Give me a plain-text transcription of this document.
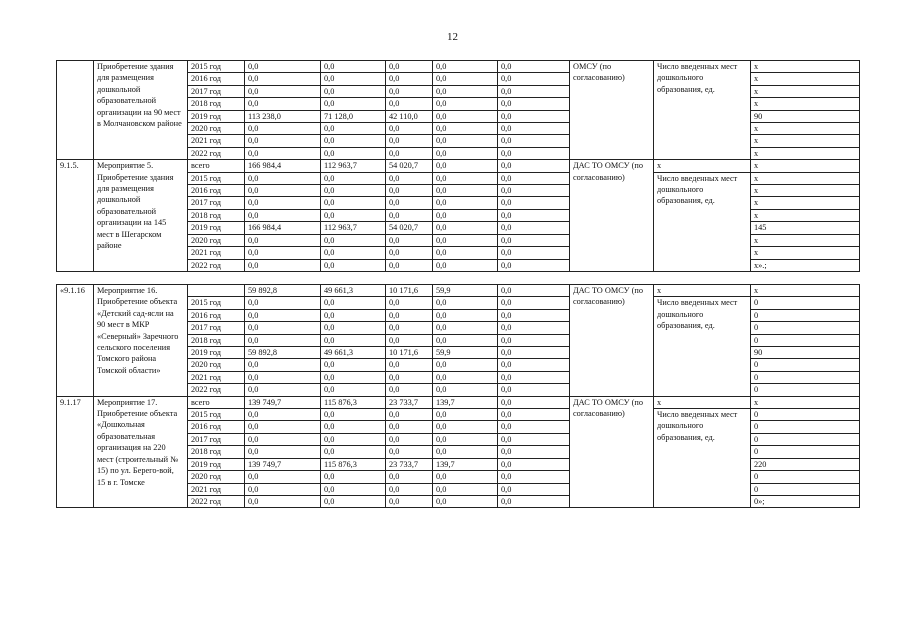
12
	Приобретение здания для размещения дошкольной образовательной организации на 90 мест в Молчановском районе	2015 год	0,0	0,0	0,0	0,0	0,0	ОМСУ (по согласованию)	Число введенных мест дошкольного образования, ед.	x
		2016 год	0,0	0,0	0,0	0,0	0,0			x
		2017 год	0,0	0,0	0,0	0,0	0,0			x
		2018 год	0,0	0,0	0,0	0,0	0,0			x
		2019 год	113 238,0	71 128,0	42 110,0	0,0	0,0			90
		2020 год	0,0	0,0	0,0	0,0	0,0			x
		2021 год	0,0	0,0	0,0	0,0	0,0			x
		2022 год	0,0	0,0	0,0	0,0	0,0			x
9.1.5.	Мероприятие 5. Приобретение здания для размещения дошкольной образовательной организации на 145 мест в Шегарском районе	всего	166 984,4	112 963,7	54 020,7	0,0	0,0	ДАС ТО ОМСУ (по согласованию)	x	x
		2015 год	0,0	0,0	0,0	0,0	0,0		Число введенных мест дошкольного образования, ед.	x
		2016 год	0,0	0,0	0,0	0,0	0,0			x
		2017 год	0,0	0,0	0,0	0,0	0,0			x
		2018 год	0,0	0,0	0,0	0,0	0,0			x
		2019 год	166 984,4	112 963,7	54 020,7	0,0	0,0			145
		2020 год	0,0	0,0	0,0	0,0	0,0			x
		2021 год	0,0	0,0	0,0	0,0	0,0			x
		2022 год	0,0	0,0	0,0	0,0	0,0			x».;
«9.1.16	Мероприятие 16. Приобретение объекта «Детский сад-ясли на 90 мест в МКР «Северный» Заречного сельского поселения Томского района Томской области»		59 892,8	49 661,3	10 171,6	59,9	0,0	ДАС ТО ОМСУ (по согласованию)	x	x
		2015 год	0,0	0,0	0,0	0,0	0,0		Число введенных мест дошкольного образования, ед.	0
		2016 год	0,0	0,0	0,0	0,0	0,0			0
		2017 год	0,0	0,0	0,0	0,0	0,0			0
		2018 год	0,0	0,0	0,0	0,0	0,0			0
		2019 год	59 892,8	49 661,3	10 171,6	59,9	0,0			90
		2020 год	0,0	0,0	0,0	0,0	0,0			0
		2021 год	0,0	0,0	0,0	0,0	0,0			0
		2022 год	0,0	0,0	0,0	0,0	0,0			0
9.1.17	Мероприятие 17. Приобретение объекта «Дошкольная образовательная организация на 220 мест (строительный № 15) по ул. Берего-вой, 15 в г. Томске	всего	139 749,7	115 876,3	23 733,7	139,7	0,0	ДАС ТО ОМСУ (по согласованию)	x	x
		2015 год	0,0	0,0	0,0	0,0	0,0		Число введенных мест дошкольного образования, ед.	0
		2016 год	0,0	0,0	0,0	0,0	0,0			0
		2017 год	0,0	0,0	0,0	0,0	0,0			0
		2018 год	0,0	0,0	0,0	0,0	0,0			0
		2019 год	139 749,7	115 876,3	23 733,7	139,7	0,0			220
		2020 год	0,0	0,0	0,0	0,0	0,0			0
		2021 год	0,0	0,0	0,0	0,0	0,0			0
		2022 год	0,0	0,0	0,0	0,0	0,0			0»;
